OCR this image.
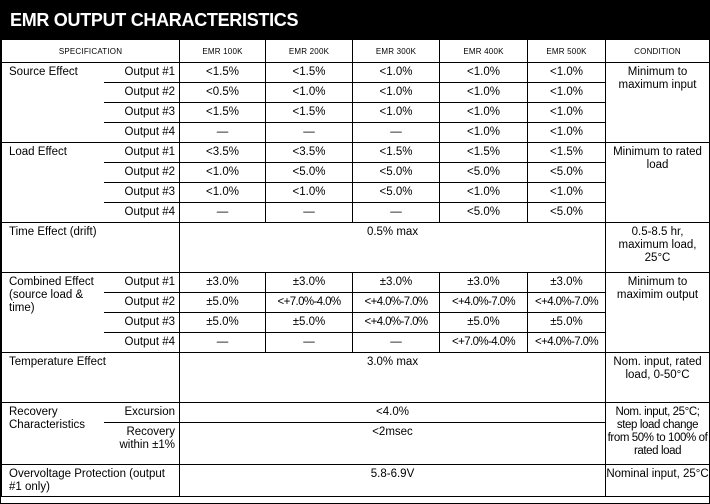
EMR OUTPUT CHARACTERISTICS
SPECIFICATION		EMR 100K	EMR 200K	EMR 300K	EMR 400K	EMR 500K	CONDITION
Source Effect	Output #1	<1.5%	<1.5%	<1.0%	<1.0%	<1.0%	Minimum to maximum input
	Output #2	<0.5%	<1.0%	<1.0%	<1.0%	<1.0%	
	Output #3	<1.5%	<1.5%	<1.0%	<1.0%	<1.0%	
	Output #4	—	—	—	<1.0%	<1.0%	
Load Effect	Output #1	<3.5%	<3.5%	<1.5%	<1.5%	<1.5%	Minimum to rated load
	Output #2	<1.0%	<5.0%	<5.0%	<5.0%	<5.0%	
	Output #3	<1.0%	<1.0%	<5.0%	<1.0%	<1.0%	
	Output #4	—	—	—	<5.0%	<5.0%	
Time Effect (drift)		0.5% max					0.5-8.5 hr, maximum load, 25°C
Combined Effect (source load & time)	Output #1	±3.0%	±3.0%	±3.0%	±3.0%	±3.0%	Minimum to maximim output
	Output #2	±5.0%	<+7.0%-4.0%	<+4.0%-7.0%	<+4.0%-7.0%	<+4.0%-7.0%	
	Output #3	±5.0%	±5.0%	<+4.0%-7.0%	±5.0%	±5.0%	
	Output #4	—	—	—	<+7.0%-4.0%	<+4.0%-7.0%	
Temperature Effect		3.0% max					Nom. input, rated load, 0-50°C
Recovery Characteristics	Excursion	<4.0%					Nom. input, 25°C; step load change from 50% to 100% of rated load
	Recovery within ±1%	<2msec					
Overvoltage Protection (output #1 only)		5.8-6.9V					Nominal input, 25°C
